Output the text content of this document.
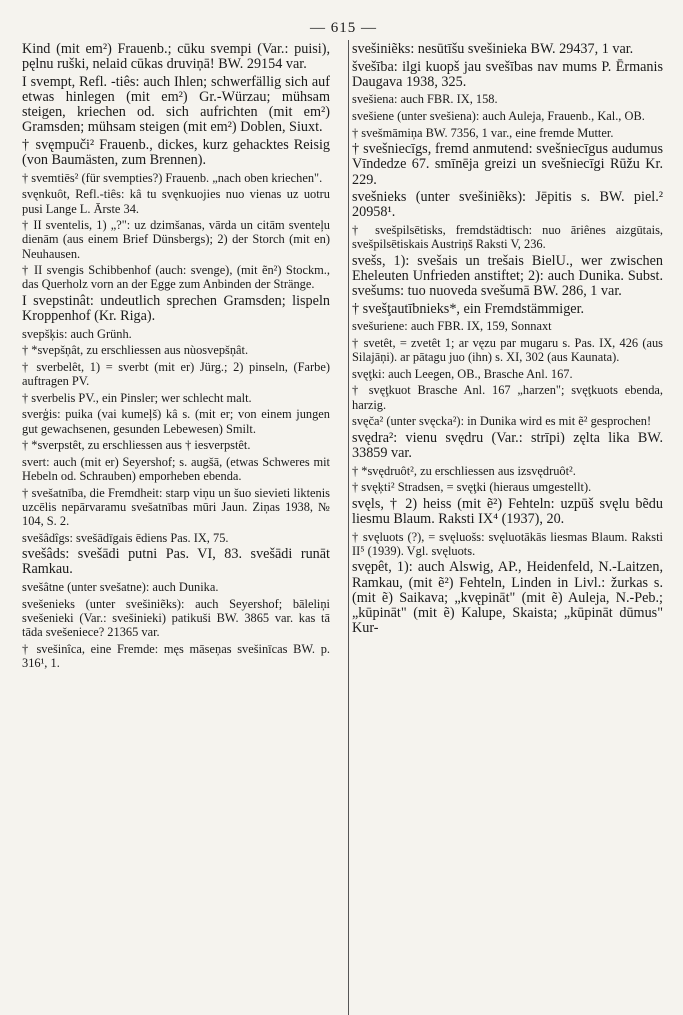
— 615 —

Kind (mit em²) Frauenb.; cūku svempi (Var.: puisi), pęlnu ruški, nelaid cūkas druviņā! BW. 29154 var.

I svempt, Refl. -tiês: auch Ihlen; schwerfällig sich auf etwas hinlegen (mit em²) Gr.-Würzau; mühsam steigen, kriechen od. sich aufrichten (mit em²) Gramsden; mühsam steigen (mit em²) Doblen, Siuxt.

† svęmpuči² Frauenb., dickes, kurz gehacktes Reisig (von Baumästen, zum Brennen).

† svemtiēs² (für svempties?) Frauenb. „nach oben kriechen".

svęnkuôt, Refl.-tiês: kâ tu svęnkuojies nuo vienas uz uotru pusi Lange L. Ārste 34.

† II sventelis, 1) „?": uz dzimšanas, vārda un citām sventeļu dienām (aus einem Brief Dünsbergs); 2) der Storch (mit en) Neuhausen.

† II svengis Schibbenhof (auch: svenge), (mit ẽn²) Stockm., das Querholz vorn an der Egge zum Anbinden der Stränge.

I svepstinât: undeutlich sprechen Gramsden; lispeln Kroppenhof (Kr. Riga).

svepšķis: auch Grünh.

† *svepšņât, zu erschliessen aus nùosvepšņât.

† sverbelêt, 1) = sverbt (mit er) Jürg.; 2) pinseln, (Farbe) auftragen PV.

† sverbelis PV., ein Pinsler; wer schlecht malt.

sverģis: puika (vai kumeļš) kâ s. (mit er; von einem jungen gut gewachsenen, gesunden Lebewesen) Smilt.

† *sverpstêt, zu erschliessen aus † iesverpstêt.

svert: auch (mit er) Seyershof; s. augšā, (etwas Schweres mit Hebeln od. Schrauben) emporheben ebenda.

† svešatnība, die Fremdheit: starp viņu un šuo sievieti liktenis uzcēlis nepārvaramu svešatnības mūri Jaun. Ziņas 1938, № 104, S. 2.

svešâdîgs: svešādīgais ēdiens Pas. IX, 75.

svešâds: svešādi putni Pas. VI, 83. svešādi runāt Ramkau.

svešâtne (unter svešatne): auch Dunika.

svešenieks (unter svešiniẽks): auch Seyershof; bāleliņi svešenieki (Var.: svešinieki) patikuši BW. 3865 var. kas tā tāda svešeniece? 21365 var.

† svešinîca, eine Fremde: męs māseņas svešinīcas BW. p. 316¹, 1.

svešiniẽks: nesūtīšu svešinieka BW. 29437, 1 var.

švešība: ilgi kuopš jau svešības nav mums P. Ērmanis Daugava 1938, 325.

svešiena: auch FBR. IX, 158.

svešiene (unter svešiena): auch Auleja, Frauenb., Kal., OB.

† svešmāmiņa BW. 7356, 1 var., eine fremde Mutter.

† svešniecīgs, fremd anmutend: svešniecīgus audumus Vīndedze 67. smīnēja greizi un svešniecīgi Rūžu Kr. 229.

svešnieks (unter svešiniẽks): Jēpitis s. BW. piel.² 20958¹.

† svešpilsētisks, fremdstädtisch: nuo āriênes aizgūtais, svešpilsētiskais Austriņš Raksti V, 236.

svešs, 1): svešais un trešais BielU., wer zwischen Eheleuten Unfrieden anstiftet; 2): auch Dunika. Subst. svešums: tuo nuoveda svešumā BW. 286, 1 var.

† svešţautībnieks*, ein Fremdstämmiger.

svešuriene: auch FBR. IX, 159, Sonnaxt

† svetêt, = zvetêt 1; ar vęzu par mugaru s. Pas. IX, 426 (aus Silajāņi). ar pātagu juo (ihn) s. XI, 302 (aus Kaunata).

svęţki: auch Leegen, OB., Brasche Anl. 167.

† svęţkuot Brasche Anl. 167 „harzen"; svęţkuots ebenda, harzig.

svęča² (unter svęcka²): in Dunika wird es mit ẽ² gesprochen!

svędra²: vienu svędru (Var.: strīpi) zęlta lika BW. 33859 var.

† *svędruôt², zu erschliessen aus izsvędruôt².

† svęķti² Stradsen, = svęţki (hieraus umgestellt).

svęls, † 2) heiss (mit ẽ²) Fehteln: uzpūš svęlu bẽdu liesmu Blaum. Raksti IX⁴ (1937), 20.

† svęluots (?), = svęluošs: svęluotākās liesmas Blaum. Raksti II⁵ (1939). Vgl. svęluots.

svępêt, 1): auch Alswig, AP., Heidenfeld, N.-Laitzen, Ramkau, (mit ẽ²) Fehteln, Linden in Livl.: žurkas s. (mit ẽ) Saikava; „kvępināt" (mit ẽ) Auleja, N.-Peb.; „kūpināt" (mit ẽ) Kalupe, Skaista; „kūpināt dūmus" Kur-
